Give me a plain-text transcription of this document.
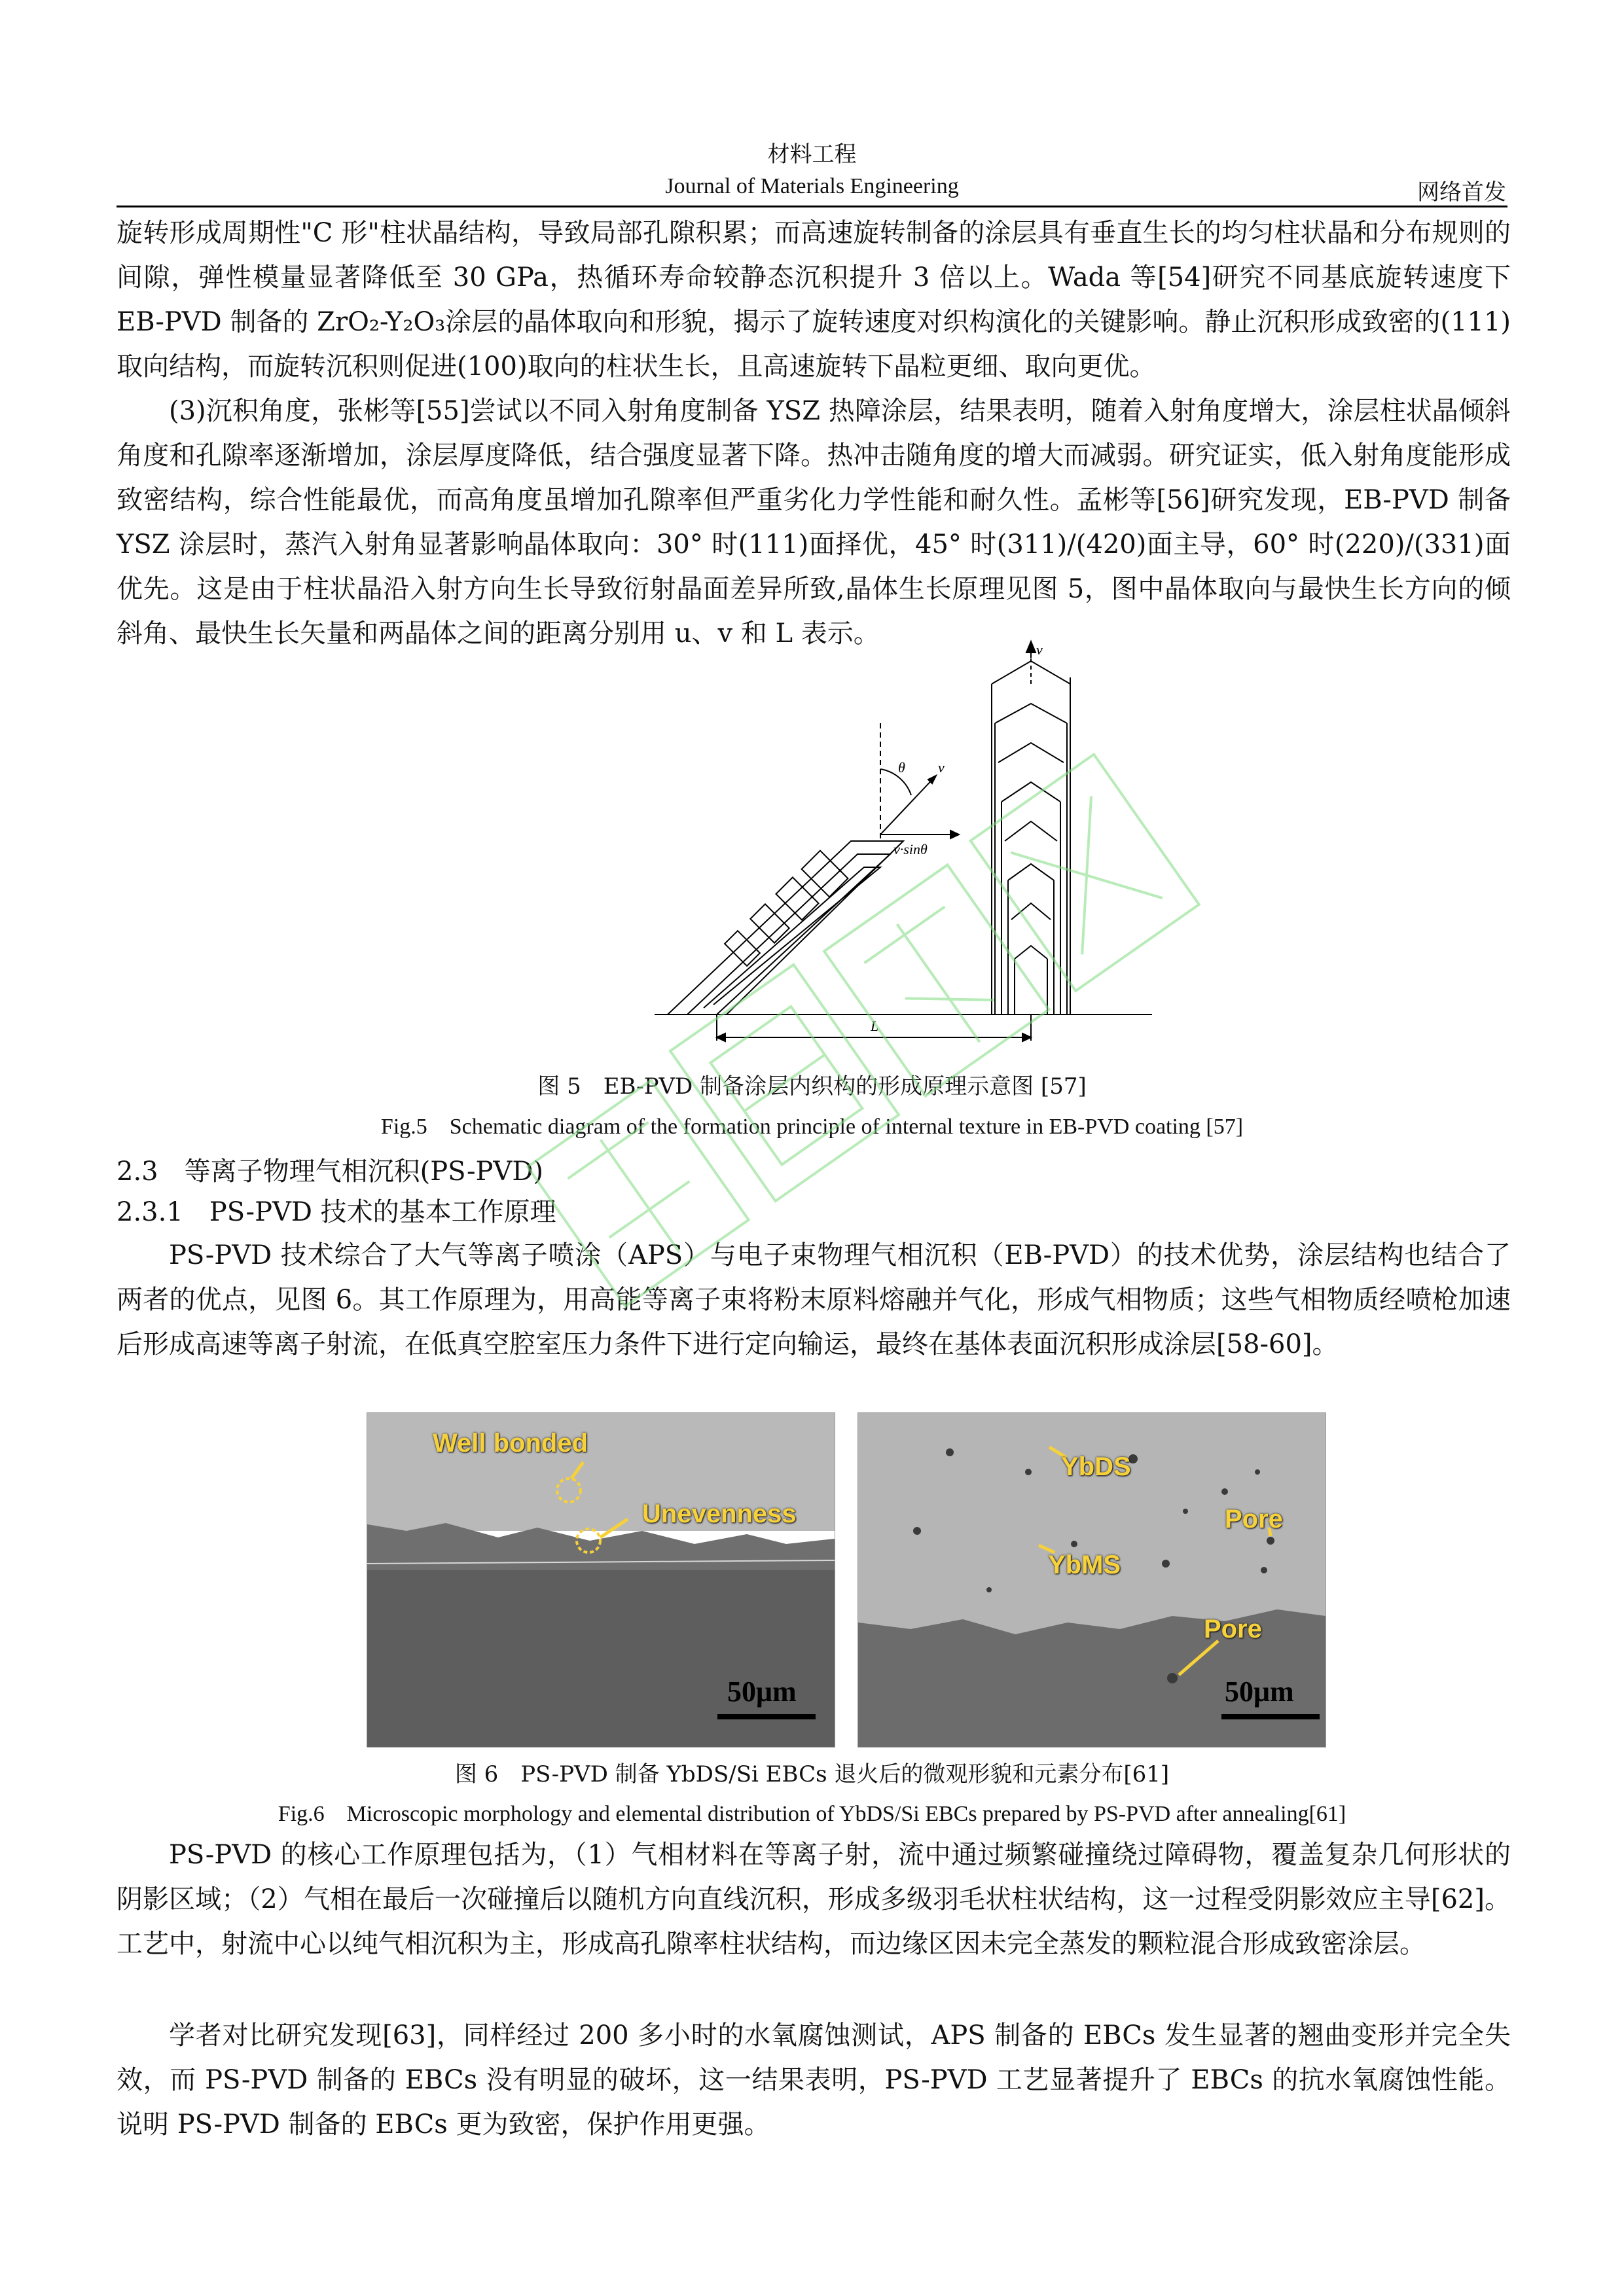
材料工程
Journal of Materials Engineering	网络首发
旋转形成周期性"C 形"柱状晶结构，导致局部孔隙积累；而高速旋转制备的涂层具有垂直生长的均匀柱状晶和分布规则的间隙，弹性模量显著降低至 30 GPa，热循环寿命较静态沉积提升 3 倍以上。Wada 等[54]研究不同基底旋转速度下 EB-PVD 制备的 ZrO₂-Y₂O₃涂层的晶体取向和形貌，揭示了旋转速度对织构演化的关键影响。静止沉积形成致密的(111)取向结构，而旋转沉积则促进(100)取向的柱状生长，且高速旋转下晶粒更细、取向更优。
(3)沉积角度，张彬等[55]尝试以不同入射角度制备 YSZ 热障涂层，结果表明，随着入射角度增大，涂层柱状晶倾斜角度和孔隙率逐渐增加，涂层厚度降低，结合强度显著下降。热冲击随角度的增大而减弱。研究证实，低入射角度能形成致密结构，综合性能最优，而高角度虽增加孔隙率但严重劣化力学性能和耐久性。孟彬等[56]研究发现，EB-PVD 制备 YSZ 涂层时，蒸汽入射角显著影响晶体取向：30° 时(111)面择优，45° 时(311)/(420)面主导，60° 时(220)/(331)面优先。这是由于柱状晶沿入射方向生长导致衍射晶面差异所致,晶体生长原理见图 5，图中晶体取向与最快生长方向的倾斜角、最快生长矢量和两晶体之间的距离分别用 u、v 和 L 表示。
v
v
θ
v·sinθ
L
图 5　EB-PVD 制备涂层内织构的形成原理示意图 [57]
Fig.5　Schematic diagram of the formation principle of internal texture in EB-PVD coating [57]
2.3　等离子物理气相沉积(PS-PVD)
2.3.1　PS-PVD 技术的基本工作原理
PS-PVD 技术综合了大气等离子喷涂（APS）与电子束物理气相沉积（EB-PVD）的技术优势，涂层结构也结合了两者的优点，见图 6。其工作原理为，用高能等离子束将粉末原料熔融并气化，形成气相物质；这些气相物质经喷枪加速后形成高速等离子射流，在低真空腔室压力条件下进行定向输运，最终在基体表面沉积形成涂层[58-60]。
Well bonded
Unevenness
50μm
YbDS
Pore
YbMS
Pore
50μm
图 6　PS-PVD 制备 YbDS/Si EBCs 退火后的微观形貌和元素分布[61]
Fig.6　Microscopic morphology and elemental distribution of YbDS/Si EBCs prepared by PS-PVD after annealing[61]
PS-PVD 的核心工作原理包括为，（1）气相材料在等离子射，流中通过频繁碰撞绕过障碍物，覆盖复杂几何形状的阴影区域；（2）气相在最后一次碰撞后以随机方向直线沉积，形成多级羽毛状柱状结构，这一过程受阴影效应主导[62]。工艺中，射流中心以纯气相沉积为主，形成高孔隙率柱状结构，而边缘区因未完全蒸发的颗粒混合形成致密涂层。
学者对比研究发现[63]，同样经过 200 多小时的水氧腐蚀测试，APS 制备的 EBCs 发生显著的翘曲变形并完全失效，而 PS-PVD 制备的 EBCs 没有明显的破坏，这一结果表明，PS-PVD 工艺显著提升了 EBCs 的抗水氧腐蚀性能。说明 PS-PVD 制备的 EBCs 更为致密，保护作用更强。
